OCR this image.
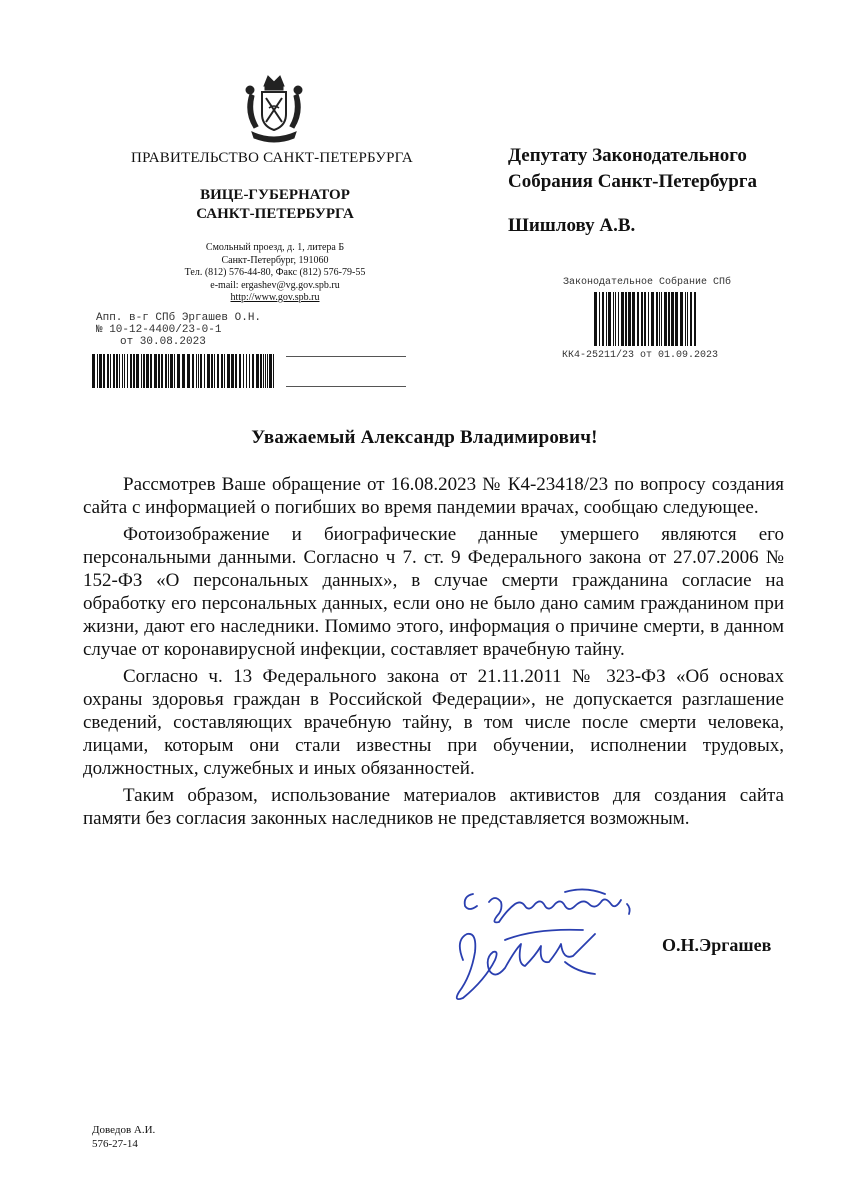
ПРАВИТЕЛЬСТВО САНКТ-ПЕТЕРБУРГА
ВИЦЕ-ГУБЕРНАТОР
САНКТ-ПЕТЕРБУРГА
Смольный проезд, д. 1, литера Б
Санкт-Петербург, 191060
Тел. (812) 576-44-80, Факс (812) 576-79-55
e-mail: ergashev@vg.gov.spb.ru
http://www.gov.spb.ru
Апп. в-г СПб Эргашев О.Н.
№ 10-12-4400/23-0-1
от 30.08.2023
Депутату Законодательного
Собрания Санкт-Петербурга
Шишлову А.В.
Законодательное Собрание СПб
КК4-25211/23 от 01.09.2023
Уважаемый Александр Владимирович!

Рассмотрев Ваше обращение от 16.08.2023 № К4-23418/23 по вопросу создания сайта с информацией о погибших во время пандемии врачах, сообщаю следующее.

Фотоизображение и биографические данные умершего являются его персональными данными. Согласно ч 7. ст. 9 Федерального закона от 27.07.2006 № 152-ФЗ «О персональных данных», в случае смерти гражданина согласие на обработку его персональных данных, если оно не было дано самим гражданином при жизни, дают его наследники. Помимо этого, информация о причине смерти, в данном случае от коронавирусной инфекции, составляет врачебную тайну.

Согласно ч. 13 Федерального закона от 21.11.2011 № 323-ФЗ «Об основах охраны здоровья граждан в Российской Федерации», не допускается разглашение сведений, составляющих врачебную тайну, в том числе после смерти человека, лицами, которым они стали известны при обучении, исполнении трудовых, должностных, служебных и иных обязанностей.

Таким образом, использование материалов активистов для создания сайта памяти без согласия законных наследников не представляется возможным.

О.Н.Эргашев
Доведов А.И.
576-27-14
